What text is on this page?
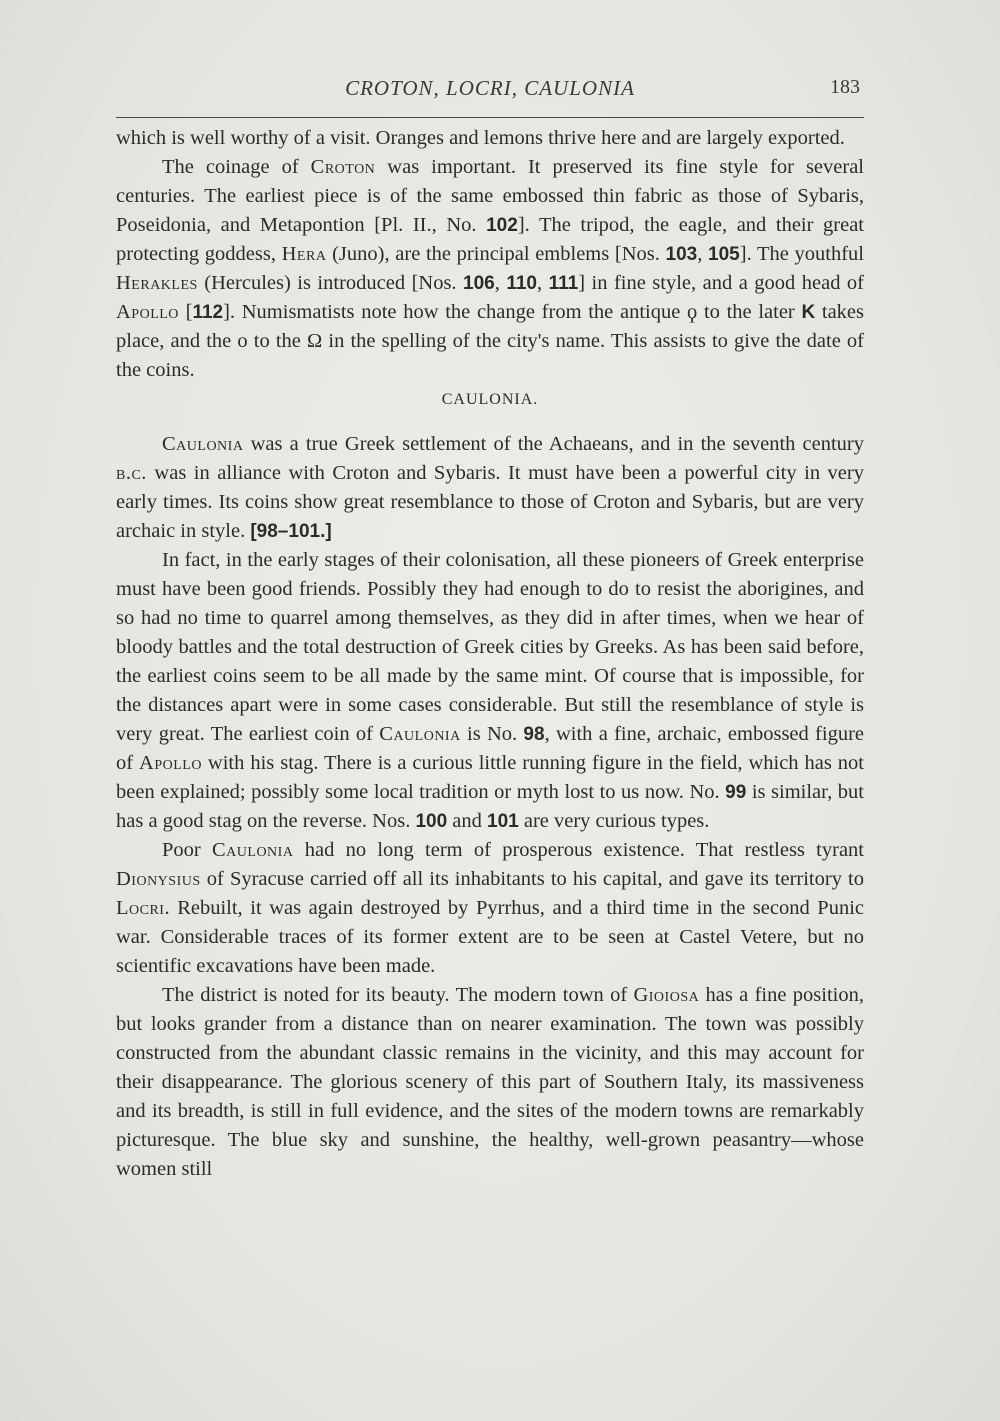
CROTON, LOCRI, CAULONIA	183

which is well worthy of a visit. Oranges and lemons thrive here and are largely exported.

The coinage of Croton was important. It preserved its fine style for several centuries. The earliest piece is of the same embossed thin fabric as those of Sybaris, Poseidonia, and Metapontion [Pl. II., No. 102]. The tripod, the eagle, and their great protecting goddess, Hera (Juno), are the principal emblems [Nos. 103, 105]. The youthful Herakles (Hercules) is introduced [Nos. 106, 110, 111] in fine style, and a good head of Apollo [112]. Numismatists note how the change from the antique ϙ to the later K takes place, and the ο to the Ω in the spelling of the city's name. This assists to give the date of the coins.

CAULONIA.

Caulonia was a true Greek settlement of the Achaeans, and in the seventh century b.c. was in alliance with Croton and Sybaris. It must have been a powerful city in very early times. Its coins show great resemblance to those of Croton and Sybaris, but are very archaic in style. [98–101.]

In fact, in the early stages of their colonisation, all these pioneers of Greek enterprise must have been good friends. Possibly they had enough to do to resist the aborigines, and so had no time to quarrel among themselves, as they did in after times, when we hear of bloody battles and the total destruction of Greek cities by Greeks. As has been said before, the earliest coins seem to be all made by the same mint. Of course that is impossible, for the distances apart were in some cases considerable. But still the resemblance of style is very great. The earliest coin of Caulonia is No. 98, with a fine, archaic, embossed figure of Apollo with his stag. There is a curious little running figure in the field, which has not been explained; possibly some local tradition or myth lost to us now. No. 99 is similar, but has a good stag on the reverse. Nos. 100 and 101 are very curious types.

Poor Caulonia had no long term of prosperous existence. That restless tyrant Dionysius of Syracuse carried off all its inhabitants to his capital, and gave its territory to Locri. Rebuilt, it was again destroyed by Pyrrhus, and a third time in the second Punic war. Considerable traces of its former extent are to be seen at Castel Vetere, but no scientific excavations have been made.

The district is noted for its beauty. The modern town of Gioiosa has a fine position, but looks grander from a distance than on nearer examination. The town was possibly constructed from the abundant classic remains in the vicinity, and this may account for their disappearance. The glorious scenery of this part of Southern Italy, its massiveness and its breadth, is still in full evidence, and the sites of the modern towns are remarkably picturesque. The blue sky and sunshine, the healthy, well-grown peasantry—whose women still
